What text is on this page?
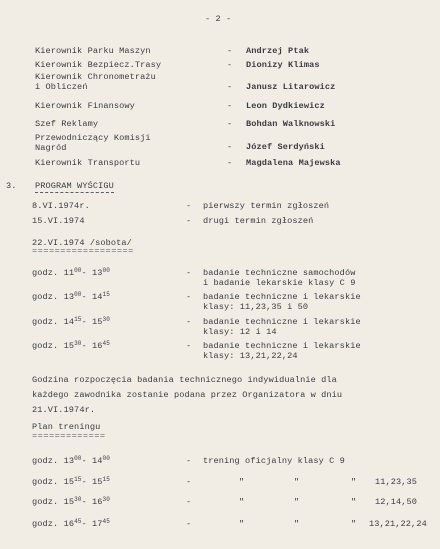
- 2 -
Kierownik Parku Maszyn	- Andrzej Ptak
Kierownik Bezpiecz.Trasy	- Dionizy Klimas
Kierownik Chronometrażu
i Obliczeń	- Janusz Litarowicz
Kierownik Finansowy	- Leon Dydkiewicz
Szef Reklamy	- Bohdan Walknowski
Przewodniczący Komisji
Nagród	- Józef Serdyński
Kierownik Transportu	- Magdalena Majewska
3. PROGRAM WYŚCIGU
8.VI.1974r.	- pierwszy termin zgłoszeń
15.VI.1974	- drugi termin zgłoszeń
22.VI.1974 /sobota/
==================
godz. $11^{00}-$ $13^{00}$	- badanie techniczne samochodów
i badanie lekarskie klasy C 9
godz. $13^{00}-$ $14^{15}$	- badanie techniczne i lekarskie
klasy: 11,23,35 i 50
godz. $14^{15}-$ $15^{30}$	- badanie techniczne i lekarskie
klasy: 12 i 14
godz. $15^{30}-$ $16^{45}$	- badanie techniczne i lekarskie
klasy: 13,21,22,24
Godzina rozpoczęcia badania technicznego indywidualnie dla
każdego zawodnika zostanie podana przez Organizatora w dniu
21.VI.1974r.
Plan treningu
=============
godz. $13^{00}-$ $14^{00}$	- trening oficjalny klasy C 9
godz. $15^{15}-$ $15^{15}$	-	"	"	" 11,23,35
godz. $15^{30}-$ $16^{30}$	-	"	"	" 12,14,50
godz. $16^{45}-$ $17^{45}$	-	"	"	" 13,21,22,24
